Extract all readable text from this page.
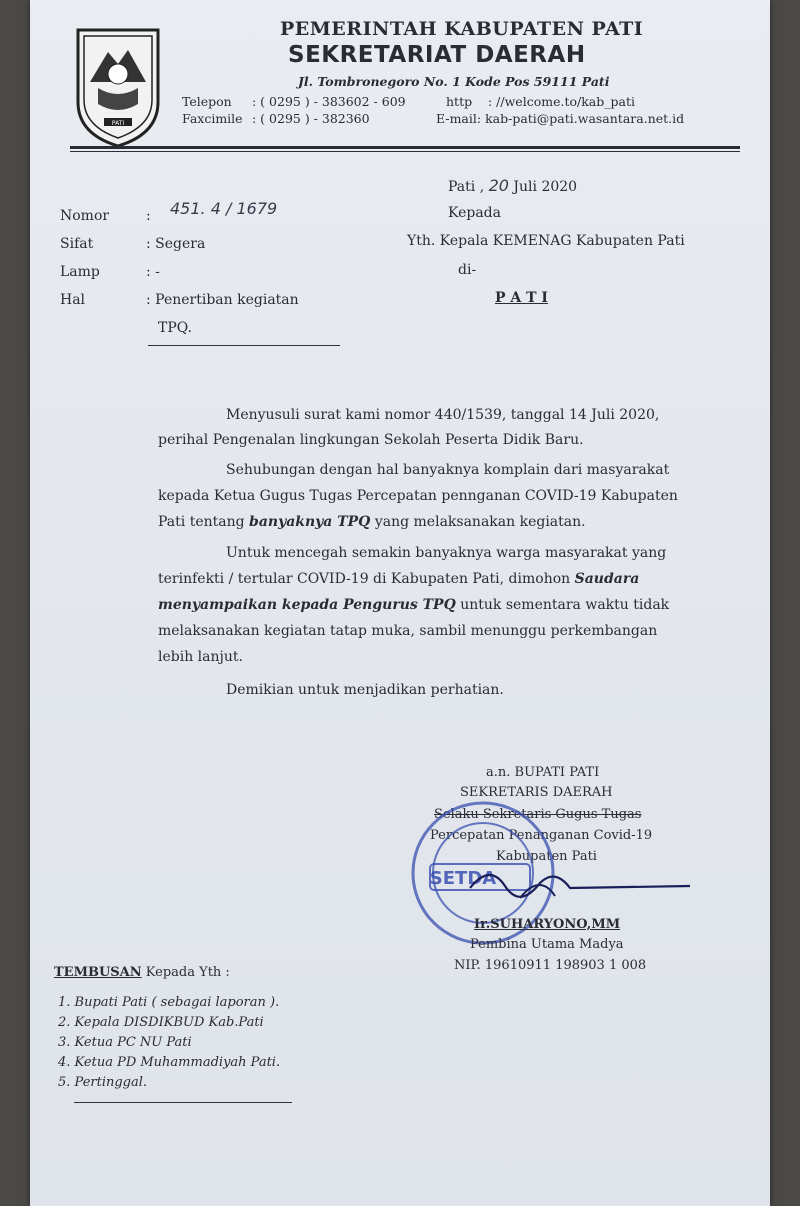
PATI
PEMERINTAH KABUPATEN PATI
SEKRETARIAT DAERAH
Jl. Tombronegoro No. 1 Kode Pos 59111 Pati
Telepon : ( 0295 ) - 383602 - 609	http : //welcome.to/kab_pati
Faxcimile : ( 0295 ) - 382360	E-mail: kab-pati@pati.wasantara.net.id
Pati , 20 Juli 2020
Kepada
Yth. Kepala KEMENAG Kabupaten Pati
di-
P A T I
Nomor	: 451. 4 / 1679
Sifat	: Segera
Lamp	: -
Hal	: Penertiban kegiatan
TPQ.
Menyusuli surat kami nomor 440/1539, tanggal 14 Juli 2020,
perihal Pengenalan lingkungan Sekolah Peserta Didik Baru.
Sehubungan dengan hal banyaknya komplain dari masyarakat
kepada Ketua Gugus Tugas Percepatan pennganan COVID-19 Kabupaten
Pati tentang banyaknya TPQ yang melaksanakan kegiatan.
Untuk mencegah semakin banyaknya warga masyarakat yang
terinfekti / tertular COVID-19 di Kabupaten Pati, dimohon Saudara
menyampaikan kepada Pengurus TPQ untuk sementara waktu tidak
melaksanakan kegiatan tatap muka, sambil menunggu perkembangan
lebih lanjut.
Demikian untuk menjadikan perhatian.
a.n. BUPATI PATI
SEKRETARIS DAERAH
Selaku Sekretaris Gugus Tugas
Percepatan Penanganan Covid-19
Kabupaten Pati
SETDA
Ir.SUHARYONO,MM
Pembina Utama Madya
NIP. 19610911 198903 1 008
TEMBUSAN Kepada Yth :
1. Bupati Pati ( sebagai laporan ).
2. Kepala DISDIKBUD Kab.Pati
3. Ketua PC NU Pati
4. Ketua PD Muhammadiyah Pati.
5. Pertinggal.
